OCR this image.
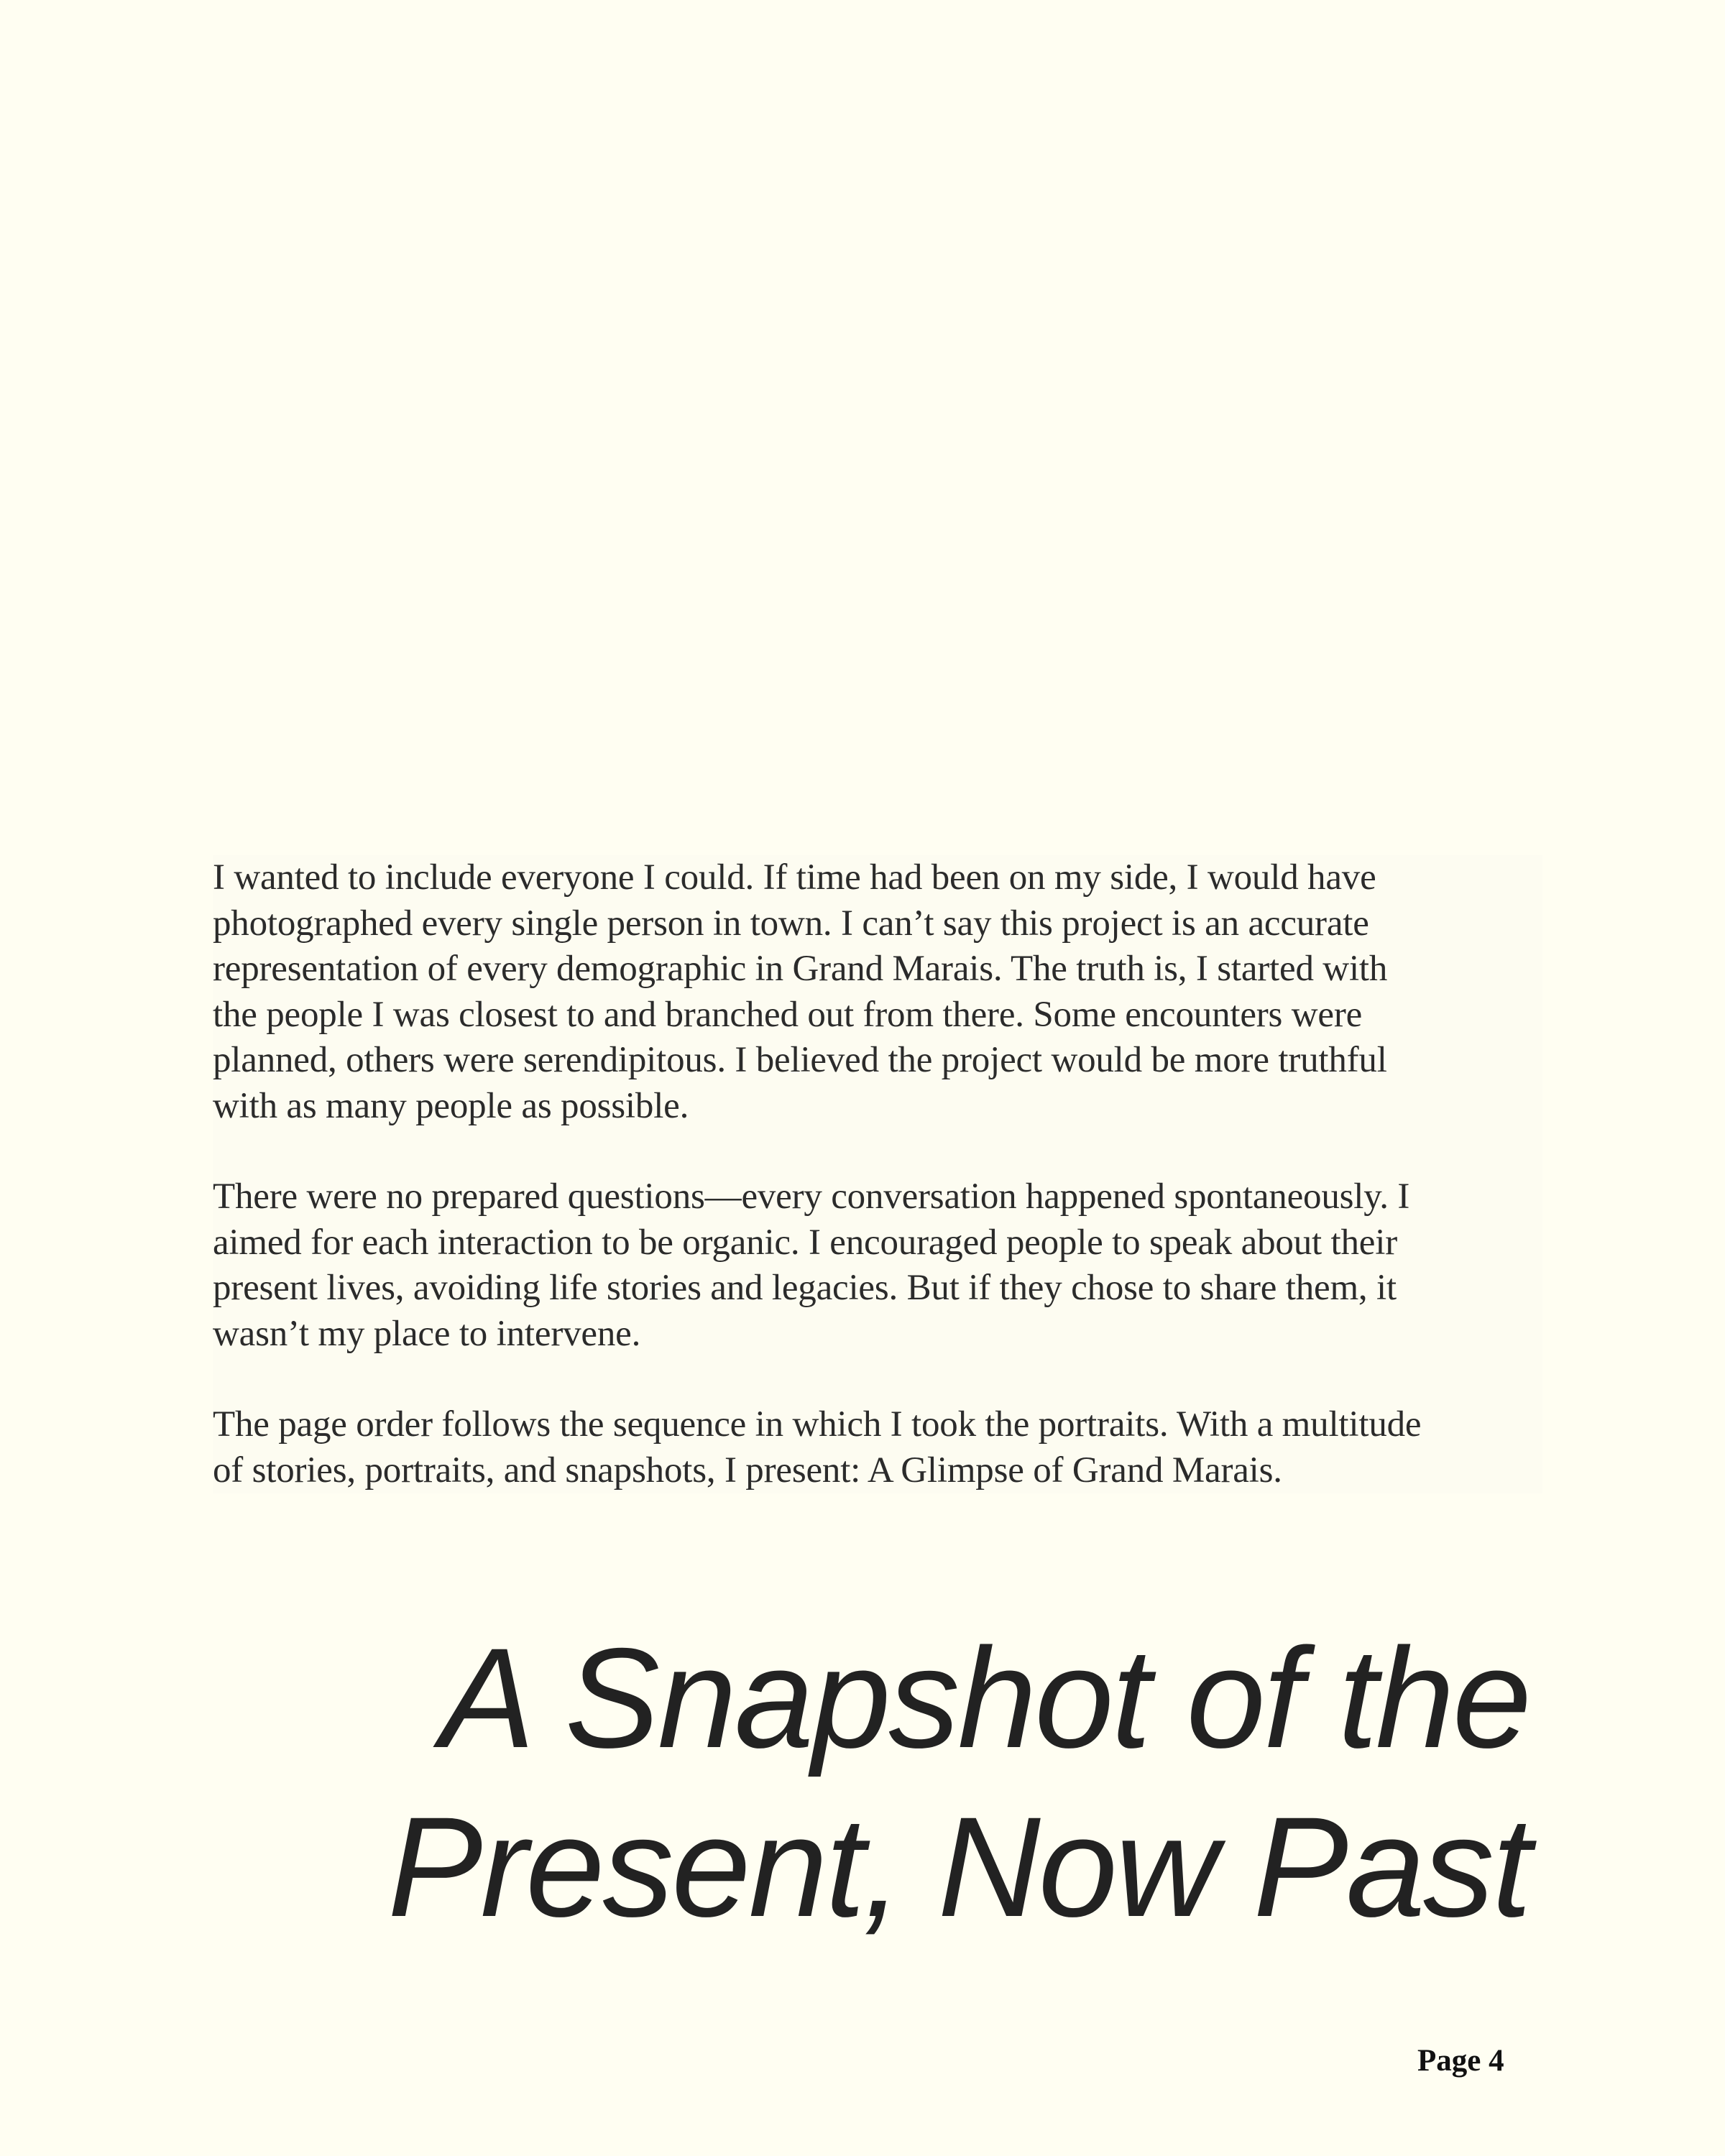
I wanted to include everyone I could. If time had been on my side, I would have
photographed every single person in town. I can’t say this project is an accurate
representation of every demographic in Grand Marais. The truth is, I started with
the people I was closest to and branched out from there. Some encounters were
planned, others were serendipitous. I believed the project would be more truthful
with as many people as possible.

There were no prepared questions—every conversation happened spontaneously. I
aimed for each interaction to be organic. I encouraged people to speak about their
present lives, avoiding life stories and legacies. But if they chose to share them, it
wasn’t my place to intervene.

The page order follows the sequence in which I took the portraits. With a multitude
of stories, portraits, and snapshots, I present: A Glimpse of Grand Marais.

A Snapshot of the
Present, Now Past
Page 4
